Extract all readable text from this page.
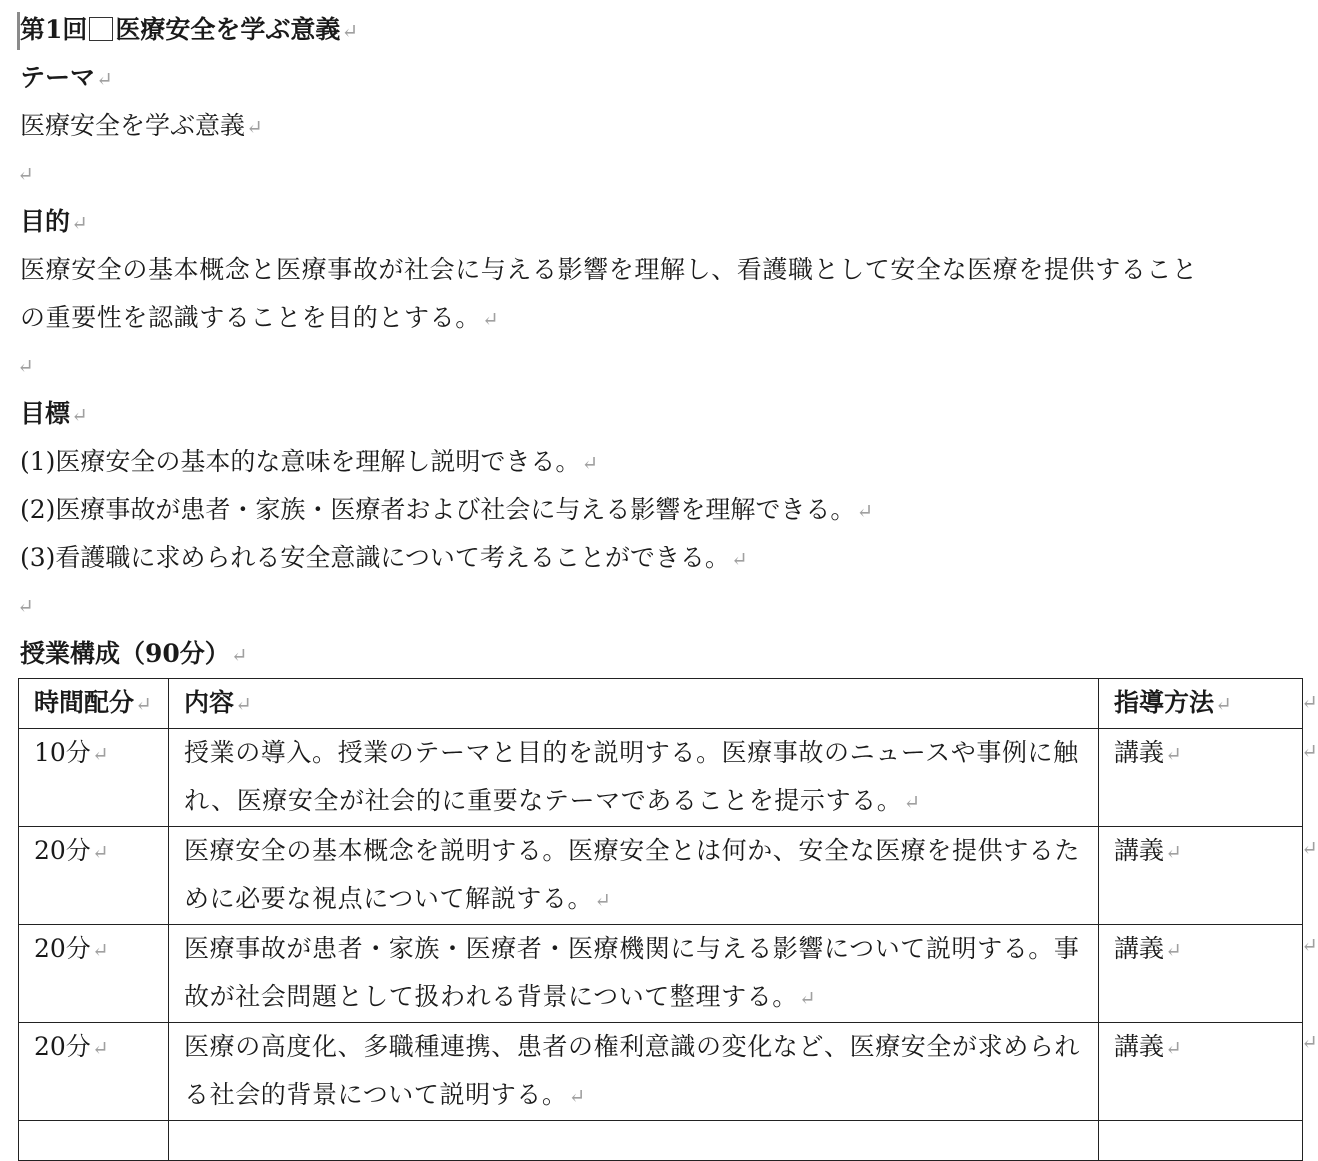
第1回 医療安全を学ぶ意義↵
テーマ↵
医療安全を学ぶ意義↵
↵
目的↵
医療安全の基本概念と医療事故が社会に与える影響を理解し、看護職として安全な医療を提供すること
の重要性を認識することを目的とする。↵
↵
目標↵
(1)医療安全の基本的な意味を理解し説明できる。↵
(2)医療事故が患者・家族・医療者および社会に与える影響を理解できる。↵
(3)看護職に求められる安全意識について考えることができる。↵
↵
授業構成（90分）↵
時間配分↵	内容↵	指導方法↵
10分↵	授業の導入。授業のテーマと目的を説明する。医療事故のニュースや事例に触れ、医療安全が社会的に重要なテーマであることを提示する。↵	講義↵
20分↵	医療安全の基本概念を説明する。医療安全とは何か、安全な医療を提供するために必要な視点について解説する。↵	講義↵
20分↵	医療事故が患者・家族・医療者・医療機関に与える影響について説明する。事故が社会問題として扱われる背景について整理する。↵	講義↵
20分↵	医療の高度化、多職種連携、患者の権利意識の変化など、医療安全が求められる社会的背景について説明する。↵	講義↵

↵
↵
↵
↵
↵
